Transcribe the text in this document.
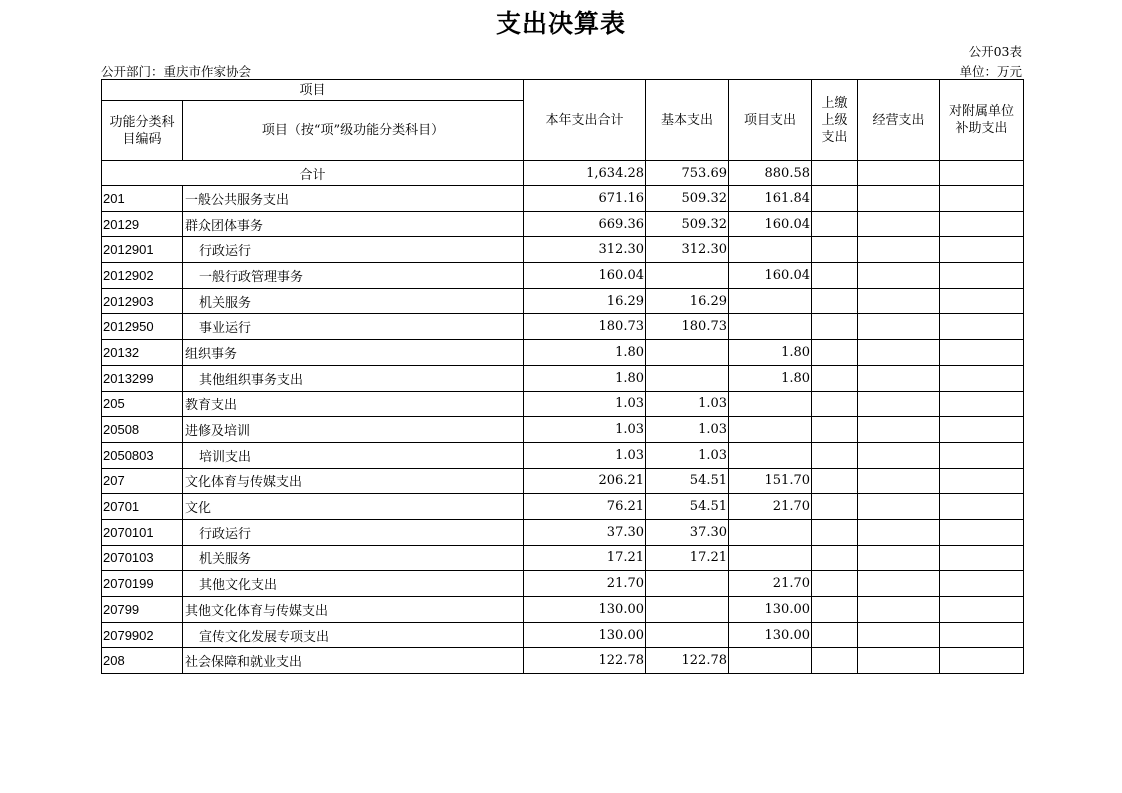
支出决算表
公开03表
公开部门：重庆市作家协会	单位：万元
项目		本年支出合计	基本支出	项目支出	上缴上级支出	经营支出	对附属单位补助支出
功能分类科目编码	项目（按“项”级功能分类科目）						
合计		1,634.28	753.69	880.58			
201	一般公共服务支出	671.16	509.32	161.84			
20129	群众团体事务	669.36	509.32	160.04			
2012901	行政运行	312.30	312.30				
2012902	一般行政管理事务	160.04		160.04			
2012903	机关服务	16.29	16.29				
2012950	事业运行	180.73	180.73				
20132	组织事务	1.80		1.80			
2013299	其他组织事务支出	1.80		1.80			
205	教育支出	1.03	1.03				
20508	进修及培训	1.03	1.03				
2050803	培训支出	1.03	1.03				
207	文化体育与传媒支出	206.21	54.51	151.70			
20701	文化	76.21	54.51	21.70			
2070101	行政运行	37.30	37.30				
2070103	机关服务	17.21	17.21				
2070199	其他文化支出	21.70		21.70			
20799	其他文化体育与传媒支出	130.00		130.00			
2079902	宣传文化发展专项支出	130.00		130.00			
208	社会保障和就业支出	122.78	122.78				
